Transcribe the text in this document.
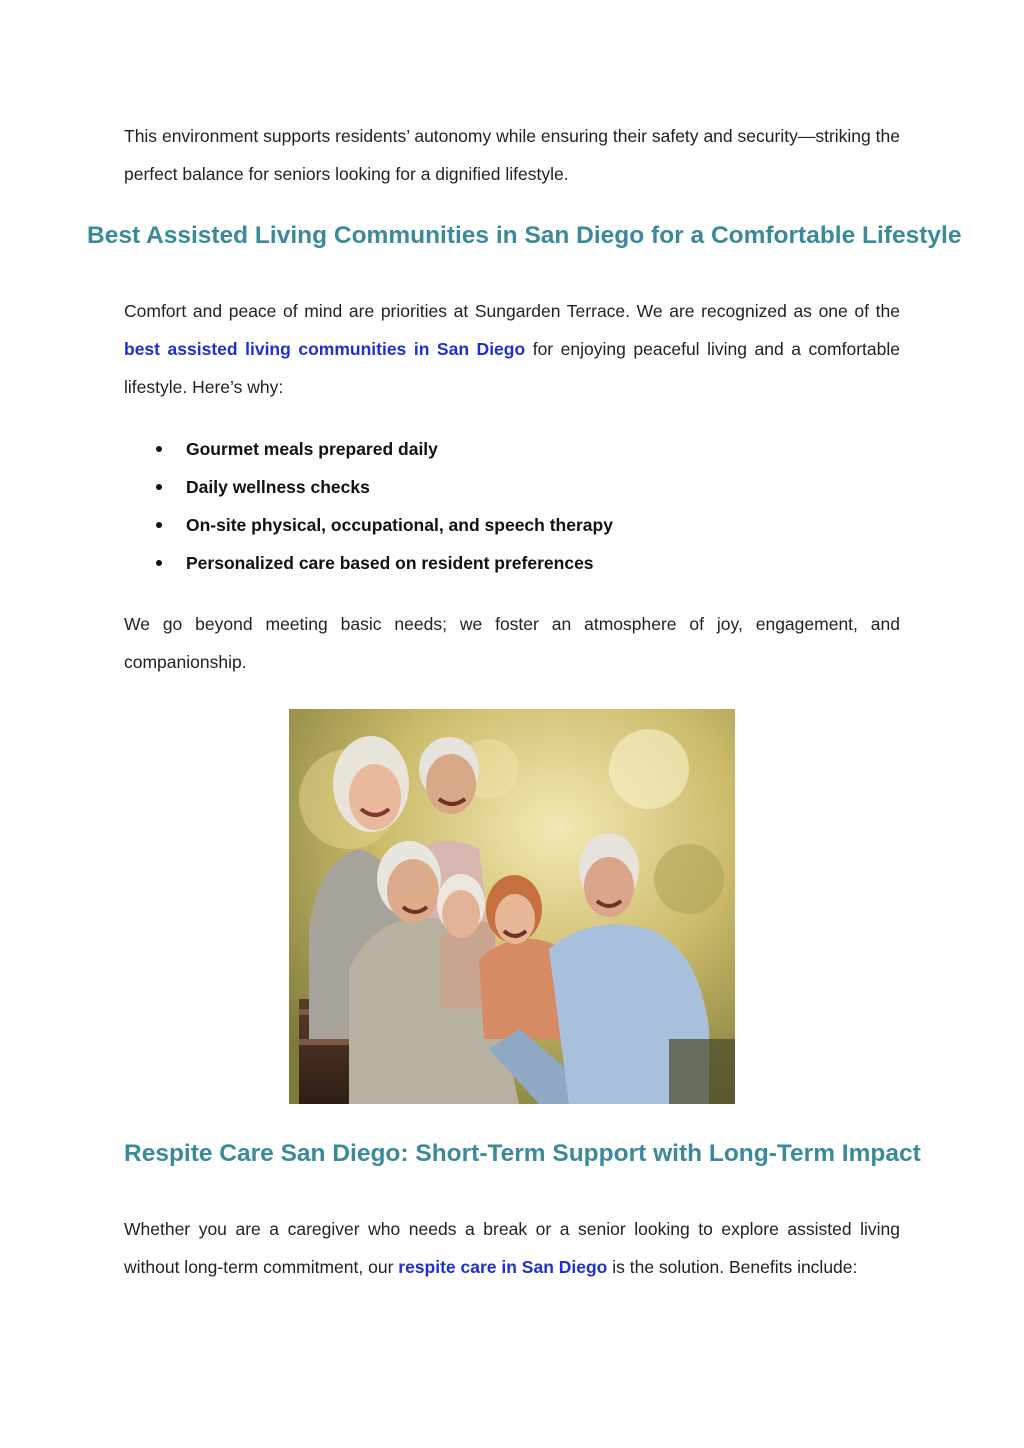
This environment supports residents’ autonomy while ensuring their safety and security—striking the perfect balance for seniors looking for a dignified lifestyle.

Best Assisted Living Communities in San Diego for a Comfortable Lifestyle

Comfort and peace of mind are priorities at Sungarden Terrace. We are recognized as one of the best assisted living communities in San Diego for enjoying peaceful living and a comfortable lifestyle. Here’s why:

Gourmet meals prepared daily
Daily wellness checks
On-site physical, occupational, and speech therapy
Personalized care based on resident preferences

We go beyond meeting basic needs; we foster an atmosphere of joy, engagement, and companionship.

Respite Care San Diego: Short-Term Support with Long-Term Impact

Whether you are a caregiver who needs a break or a senior looking to explore assisted living without long-term commitment, our respite care in San Diego is the solution. Benefits include:
